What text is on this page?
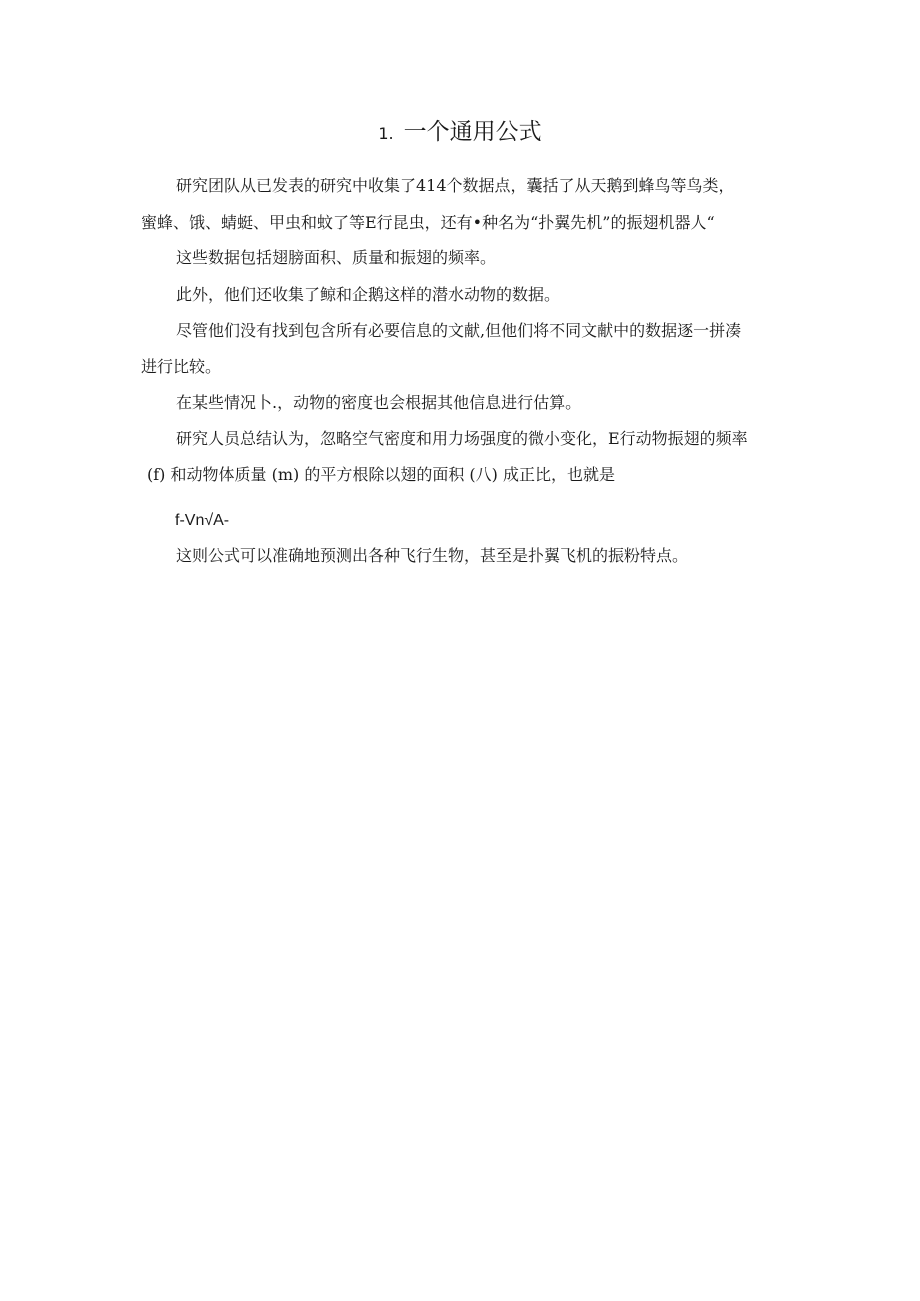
1. 一个通用公式
研究团队从已发表的研究中收集了414个数据点，囊括了从天鹅到蜂鸟等鸟类，
蜜蜂、饿、蜻蜓、甲虫和蚊了等E行昆虫，还有•种名为“扑翼先机”的振翅机器人“
这些数据包括翅膀面积、质量和振翅的频率。
此外，他们还收集了鲸和企鹅这样的潜水动物的数据。
尽管他们没有找到包含所有必要信息的文献,但他们将不同文献中的数据逐一拼凑
进行比较。
在某些情况卜.，动物的密度也会根据其他信息进行估算。
研究人员总结认为，忽略空气密度和用力场强度的微小变化，E行动物振翅的频率
(f) 和动物体质量 (m) 的平方根除以翅的面积 (八) 成正比，也就是
f-Vn√A-
这则公式可以准确地预测出各种飞行生物，甚至是扑翼飞机的振粉特点。
